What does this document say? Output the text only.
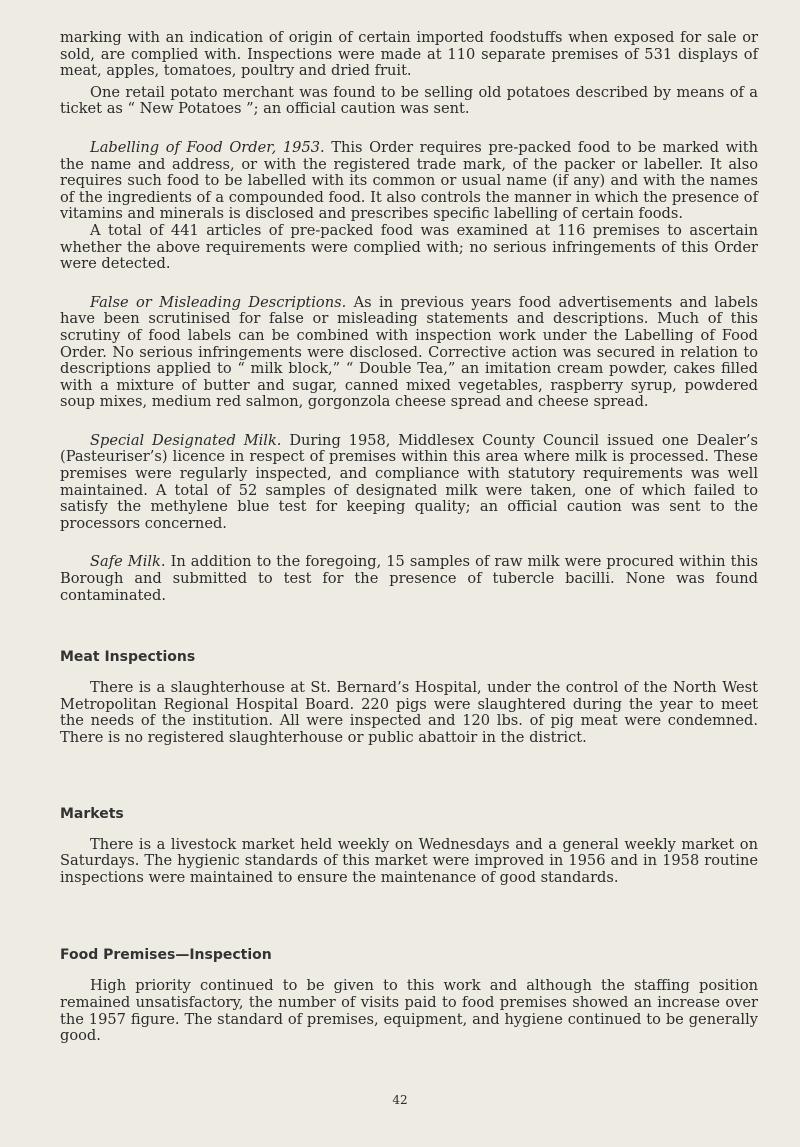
marking with an indication of origin of certain imported foodstuffs when exposed for sale or sold, are complied with. Inspections were made at 110 separate premises of 531 displays of meat, apples, tomatoes, poultry and dried fruit.

One retail potato merchant was found to be selling old potatoes described by means of a ticket as “ New Potatoes ”; an official caution was sent.

Labelling of Food Order, 1953. This Order requires pre-packed food to be marked with the name and address, or with the registered trade mark, of the packer or labeller. It also requires such food to be labelled with its common or usual name (if any) and with the names of the ingredients of a compounded food. It also controls the manner in which the presence of vitamins and minerals is disclosed and prescribes specific labelling of certain foods.

A total of 441 articles of pre-packed food was examined at 116 premises to ascertain whether the above requirements were complied with; no serious infringements of this Order were detected.

False or Misleading Descriptions. As in previous years food advertisements and labels have been scrutinised for false or misleading statements and descriptions. Much of this scrutiny of food labels can be combined with inspection work under the Labelling of Food Order. No serious infringements were disclosed. Corrective action was secured in relation to descriptions applied to “ milk block,” “ Double Tea,” an imitation cream powder, cakes filled with a mixture of butter and sugar, canned mixed vegetables, raspberry syrup, powdered soup mixes, medium red salmon, gorgonzola cheese spread and cheese spread.

Special Designated Milk. During 1958, Middlesex County Council issued one Dealer’s (Pasteuriser’s) licence in respect of premises within this area where milk is processed. These premises were regularly inspected, and compliance with statutory requirements was well maintained. A total of 52 samples of designated milk were taken, one of which failed to satisfy the methylene blue test for keeping quality; an official caution was sent to the processors concerned.

Safe Milk. In addition to the foregoing, 15 samples of raw milk were procured within this Borough and submitted to test for the presence of tubercle bacilli. None was found contaminated.

Meat Inspections

There is a slaughterhouse at St. Bernard’s Hospital, under the control of the North West Metropolitan Regional Hospital Board. 220 pigs were slaughtered during the year to meet the needs of the institution. All were inspected and 120 lbs. of pig meat were condemned. There is no registered slaughterhouse or public abattoir in the district.

Markets

There is a livestock market held weekly on Wednesdays and a general weekly market on Saturdays. The hygienic standards of this market were improved in 1956 and in 1958 routine inspections were maintained to ensure the maintenance of good standards.

Food Premises—Inspection

High priority continued to be given to this work and although the staffing position remained unsatisfactory, the number of visits paid to food premises showed an increase over the 1957 figure. The standard of premises, equipment, and hygiene continued to be generally good.

42
